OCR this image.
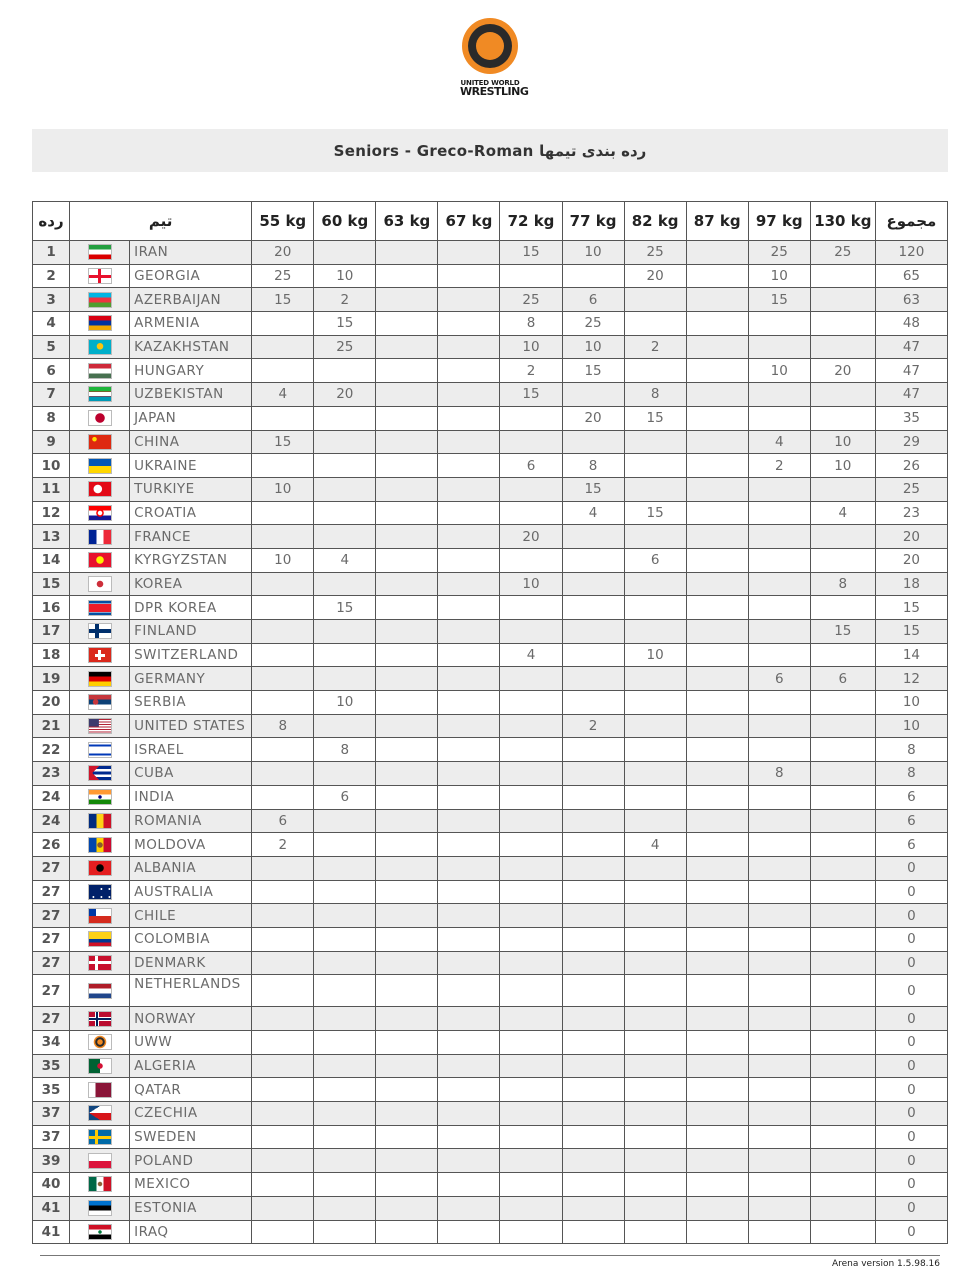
UNITED WORLD
WRESTLING
Seniors - Greco-Roman رده بندی تیمها
رده	تیم		55 kg	60 kg	63 kg	67 kg	72 kg	77 kg	82 kg	87 kg	97 kg	130 kg	مجموع
1		IRAN	20				15	10	25		25	25	120
2		GEORGIA	25	10					20		10		65
3		AZERBAIJAN	15	2			25	6			15		63
4		ARMENIA		15			8	25					48
5		KAZAKHSTAN		25			10	10	2				47
6		HUNGARY					2	15			10	20	47
7		UZBEKISTAN	4	20			15		8				47
8		JAPAN						20	15				35
9		CHINA	15								4	10	29
10		UKRAINE					6	8			2	10	26
11		TURKIYE	10					15					25
12		CROATIA						4	15			4	23
13		FRANCE					20						20
14		KYRGYZSTAN	10	4					6				20
15		KOREA					10					8	18
16		DPR KOREA		15									15
17		FINLAND										15	15
18		SWITZERLAND					4		10				14
19		GERMANY									6	6	12
20		SERBIA		10									10
21		UNITED STATES	8					2					10
22		ISRAEL		8									8
23		CUBA									8		8
24		INDIA		6									6
24		ROMANIA	6										6
26		MOLDOVA	2						4				6
27		ALBANIA											0
27		AUSTRALIA											0
27		CHILE											0
27		COLOMBIA											0
27		DENMARK											0
27		NETHERLANDS											0
27		NORWAY											0
34		UWW											0
35		ALGERIA											0
35		QATAR											0
37		CZECHIA											0
37		SWEDEN											0
39		POLAND											0
40		MEXICO											0
41		ESTONIA											0
41		IRAQ											0
Arena version 1.5.98.16
